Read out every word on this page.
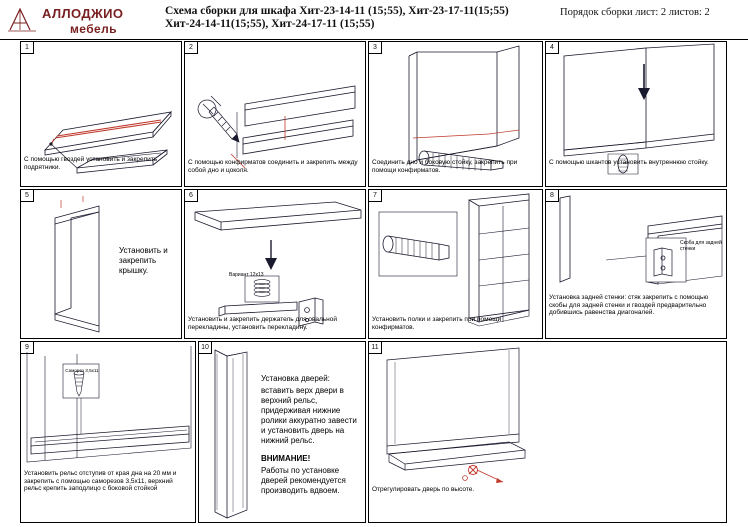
АЛЛОДЖИО
мебель
Схема сборки для шкафа Хит-23-14-11 (15;55), Хит-23-17-11(15;55)
Хит-24-14-11(15;55), Хит-24-17-11 (15;55)
Порядок сборки лист: 2 листов: 2
1
С помощью гвоздей установить и закрепить подрятники.
2
С помощью конфирматов соединить и закрепить между собой дно и цоколя.
3
Соединить дно и боковую стойку, закрепить при помощи конфирматов.
4
С помощью шкантов установить внутреннюю стойку.
5
Установить и закрепить крышку.
6
Вариант 12х13
Установить и закрепить держатель для овальной перекладины, установить перекладину.
7
Установить полки и закрепить при помощи конфирматов.
8
Скоба для задней стенки
Установка задней стенки: стяк закрепить с помощью скобы для задней стенки и гвоздей предварительно добившись равенства диагоналей.
9
Саморез 3,5х11
Установить рельс отступив от края дна на 20 мм и закрепить с помощью саморезов 3,5х11, верхний рельс крепить заподлицо с боковой стойкой
10
Установка дверей:
вставить верх двери в верхний рельс, придерживая нижние ролики аккуратно завести и установить дверь на нижний рельс.
ВНИМАНИЕ!
Работы по установке дверей рекомендуется производить вдвоем.
11
Отрегулировать дверь по высоте.
